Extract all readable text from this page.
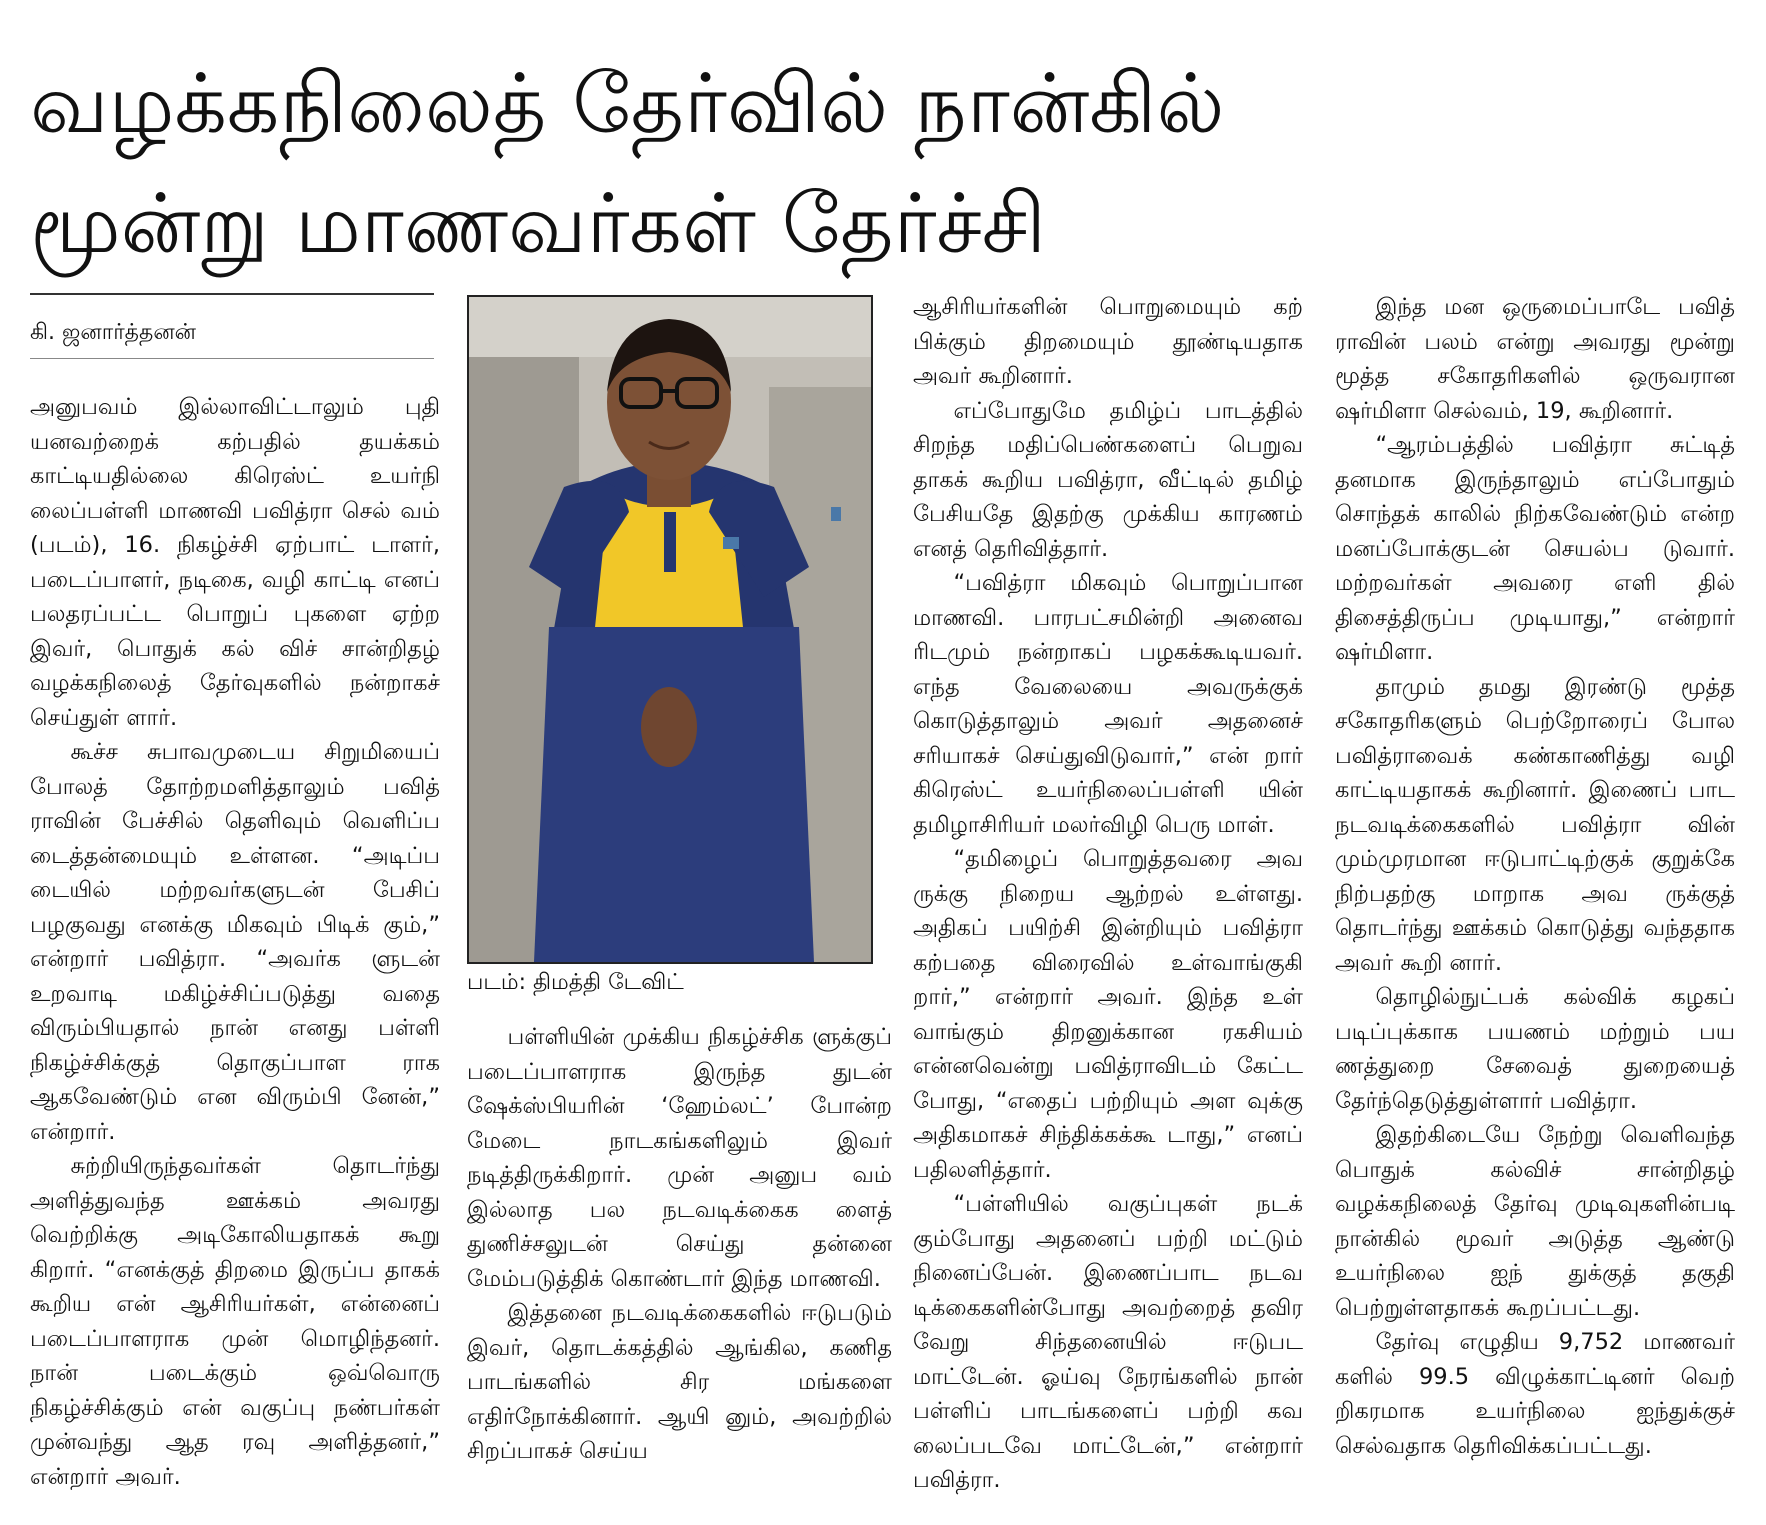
வழக்கநிலைத் தேர்வில் நான்கில்
மூன்று மாணவர்கள் தேர்ச்சி
கி. ஜனார்த்தனன்

அனுபவம் இல்லாவிட்டாலும் புதி யனவற்றைக் கற்பதில் தயக்கம் காட்டியதில்லை கிரெஸ்ட் உயர்நி லைப்பள்ளி மாணவி பவித்ரா செல் வம் (படம்), 16. நிகழ்ச்சி ஏற்பாட் டாளர், படைப்பாளர், நடிகை, வழி காட்டி எனப் பலதரப்பட்ட பொறுப் புகளை ஏற்ற இவர், பொதுக் கல் விச் சான்றிதழ் வழக்கநிலைத் தேர்வுகளில் நன்றாகச் செய்துள் ளார்.

கூச்ச சுபாவமுடைய சிறுமியைப் போலத் தோற்றமளித்தாலும் பவித் ராவின் பேச்சில் தெளிவும் வெளிப்ப டைத்தன்மையும் உள்ளன. “அடிப்ப டையில் மற்றவர்களுடன் பேசிப் பழகுவது எனக்கு மிகவும் பிடிக் கும்,” என்றார் பவித்ரா. “அவர்க ளுடன் உறவாடி மகிழ்ச்சிப்படுத்து வதை விரும்பியதால் நான் எனது பள்ளி நிகழ்ச்சிக்குத் தொகுப்பாள ராக ஆகவேண்டும் என விரும்பி னேன்,” என்றார்.

சுற்றியிருந்தவர்கள் தொடர்ந்து அளித்துவந்த ஊக்கம் அவரது வெற்றிக்கு அடிகோலியதாகக் கூறு கிறார். “எனக்குத் திறமை இருப்ப தாகக் கூறிய என் ஆசிரியர்கள், என்னைப் படைப்பாளராக முன் மொழிந்தனர். நான் படைக்கும் ஒவ்வொரு நிகழ்ச்சிக்கும் என் வகுப்பு நண்பர்கள் முன்வந்து ஆத ரவு அளித்தனர்,” என்றார் அவர்.

படம்: திமத்தி டேவிட்

பள்ளியின் முக்கிய நிகழ்ச்சிக ளுக்குப் படைப்பாளராக இருந்த துடன் ஷேக்ஸ்பியரின் ‘ஹேம்லட்’ போன்ற மேடை நாடகங்களிலும் இவர் நடித்திருக்கிறார். முன் அனுப வம் இல்லாத பல நடவடிக்கைக ளைத் துணிச்சலுடன் செய்து தன்னை மேம்படுத்திக் கொண்டார் இந்த மாணவி.

இத்தனை நடவடிக்கைகளில் ஈடுபடும் இவர், தொடக்கத்தில் ஆங்கில, கணித பாடங்களில் சிர மங்களை எதிர்நோக்கினார். ஆயி னும், அவற்றில் சிறப்பாகச் செய்ய

ஆசிரியர்களின் பொறுமையும் கற் பிக்கும் திறமையும் தூண்டியதாக அவர் கூறினார்.

எப்போதுமே தமிழ்ப் பாடத்தில் சிறந்த மதிப்பெண்களைப் பெறுவ தாகக் கூறிய பவித்ரா, வீட்டில் தமிழ் பேசியதே இதற்கு முக்கிய காரணம் எனத் தெரிவித்தார்.

“பவித்ரா மிகவும் பொறுப்பான மாணவி. பாரபட்சமின்றி அனைவ ரிடமும் நன்றாகப் பழகக்கூடியவர். எந்த வேலையை அவருக்குக் கொடுத்தாலும் அவர் அதனைச் சரியாகச் செய்துவிடுவார்,” என் றார் கிரெஸ்ட் உயர்நிலைப்பள்ளி யின் தமிழாசிரியர் மலர்விழி பெரு மாள்.

“தமிழைப் பொறுத்தவரை அவ ருக்கு நிறைய ஆற்றல் உள்ளது. அதிகப் பயிற்சி இன்றியும் பவித்ரா கற்பதை விரைவில் உள்வாங்குகி றார்,” என்றார் அவர். இந்த உள் வாங்கும் திறனுக்கான ரகசியம் என்னவென்று பவித்ராவிடம் கேட்ட போது, “எதைப் பற்றியும் அள வுக்கு அதிகமாகச் சிந்திக்கக்கூ டாது,” எனப் பதிலளித்தார்.

“பள்ளியில் வகுப்புகள் நடக் கும்போது அதனைப் பற்றி மட்டும் நினைப்பேன். இணைப்பாட நடவ டிக்கைகளின்போது அவற்றைத் தவிர வேறு சிந்தனையில் ஈடுபட மாட்டேன். ஓய்வு நேரங்களில் நான் பள்ளிப் பாடங்களைப் பற்றி கவ லைப்படவே மாட்டேன்,” என்றார் பவித்ரா.

இந்த மன ஒருமைப்பாடே பவித் ராவின் பலம் என்று அவரது மூன்று மூத்த சகோதரிகளில் ஒருவரான ஷர்மிளா செல்வம், 19, கூறினார்.

“ஆரம்பத்தில் பவித்ரா சுட்டித் தனமாக இருந்தாலும் எப்போதும் சொந்தக் காலில் நிற்கவேண்டும் என்ற மனப்போக்குடன் செயல்ப டுவார். மற்றவர்கள் அவரை எளி தில் திசைத்திருப்ப முடியாது,” என்றார் ஷர்மிளா.

தாமும் தமது இரண்டு மூத்த சகோதரிகளும் பெற்றோரைப் போல பவித்ராவைக் கண்காணித்து வழி காட்டியதாகக் கூறினார். இணைப் பாட நடவடிக்கைகளில் பவித்ரா வின் மும்முரமான ஈடுபாட்டிற்குக் குறுக்கே நிற்பதற்கு மாறாக அவ ருக்குத் தொடர்ந்து ஊக்கம் கொடுத்து வந்ததாக அவர் கூறி னார்.

தொழில்நுட்பக் கல்விக் கழகப் படிப்புக்காக பயணம் மற்றும் பய ணத்துறை சேவைத் துறையைத் தேர்ந்தெடுத்துள்ளார் பவித்ரா.

இதற்கிடையே நேற்று வெளிவந்த பொதுக் கல்விச் சான்றிதழ் வழக்கநிலைத் தேர்வு முடிவுகளின்படி நான்கில் மூவர் அடுத்த ஆண்டு உயர்நிலை ஐந் துக்குத் தகுதி பெற்றுள்ளதாகக் கூறப்பட்டது.

தேர்வு எழுதிய 9,752 மாணவர் களில் 99.5 விழுக்காட்டினர் வெற் றிகரமாக உயர்நிலை ஐந்துக்குச் செல்வதாக தெரிவிக்கப்பட்டது.
